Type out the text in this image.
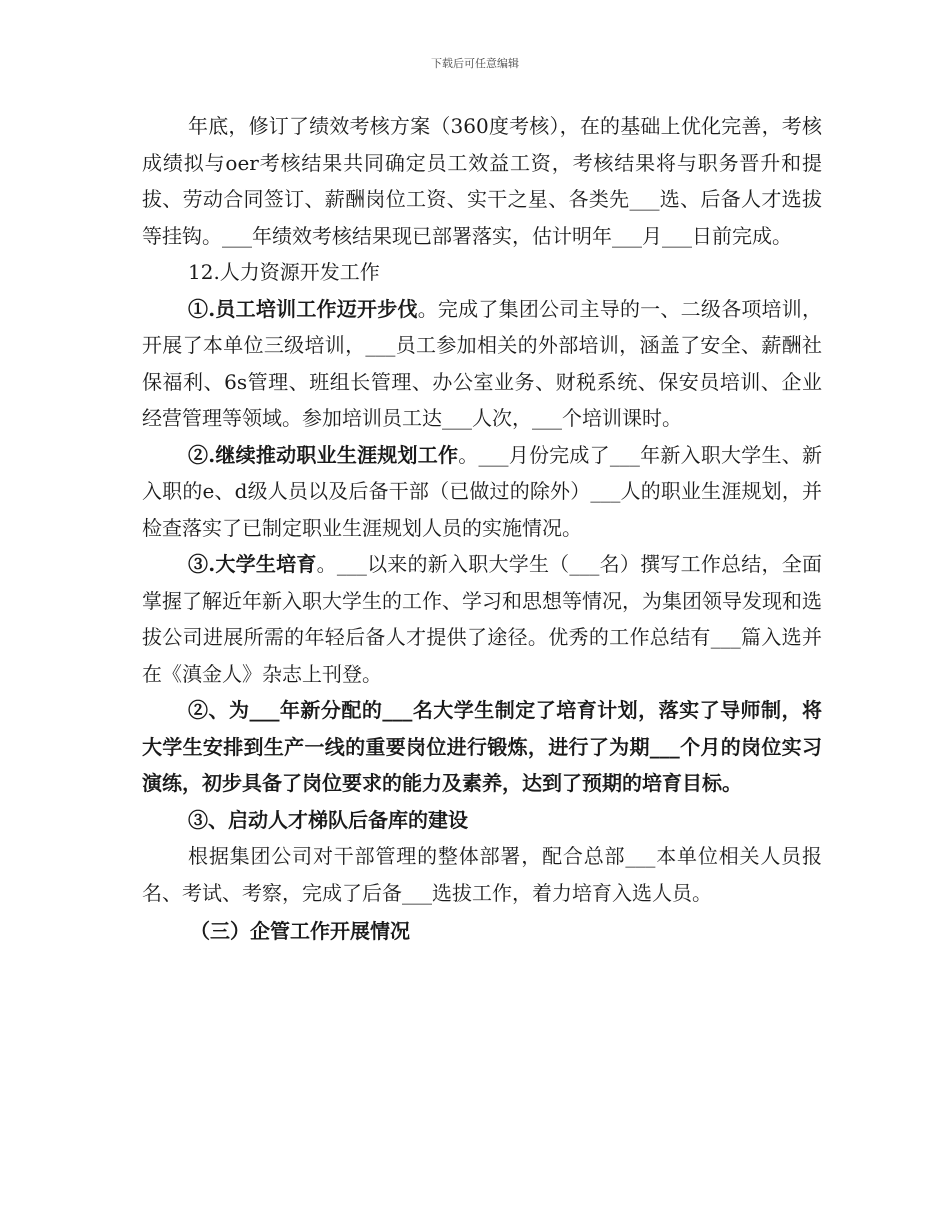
下载后可任意编辑

年底，修订了绩效考核方案（360度考核），在的基础上优化完善，考核成绩拟与oer考核结果共同确定员工效益工资，考核结果将与职务晋升和提拔、劳动合同签订、薪酬岗位工资、实干之星、各类先___选、后备人才选拔等挂钩。___年绩效考核结果现已部署落实，估计明年___月___日前完成。

12.人力资源开发工作

①.员工培训工作迈开步伐。完成了集团公司主导的一、二级各项培训，开展了本单位三级培训，___员工参加相关的外部培训，涵盖了安全、薪酬社保福利、6s管理、班组长管理、办公室业务、财税系统、保安员培训、企业经营管理等领域。参加培训员工达___人次，___个培训课时。

②.继续推动职业生涯规划工作。___月份完成了___年新入职大学生、新入职的e、d级人员以及后备干部（已做过的除外）___人的职业生涯规划，并检查落实了已制定职业生涯规划人员的实施情况。

③.大学生培育。___以来的新入职大学生（___名）撰写工作总结，全面掌握了解近年新入职大学生的工作、学习和思想等情况，为集团领导发现和选拔公司进展所需的年轻后备人才提供了途径。优秀的工作总结有___篇入选并在《滇金人》杂志上刊登。

②、为___年新分配的___名大学生制定了培育计划，落实了导师制，将大学生安排到生产一线的重要岗位进行锻炼，进行了为期___个月的岗位实习演练，初步具备了岗位要求的能力及素养，达到了预期的培育目标。

③、启动人才梯队后备库的建设

根据集团公司对干部管理的整体部署，配合总部___本单位相关人员报名、考试、考察，完成了后备___选拔工作，着力培育入选人员。

（三）企管工作开展情况
